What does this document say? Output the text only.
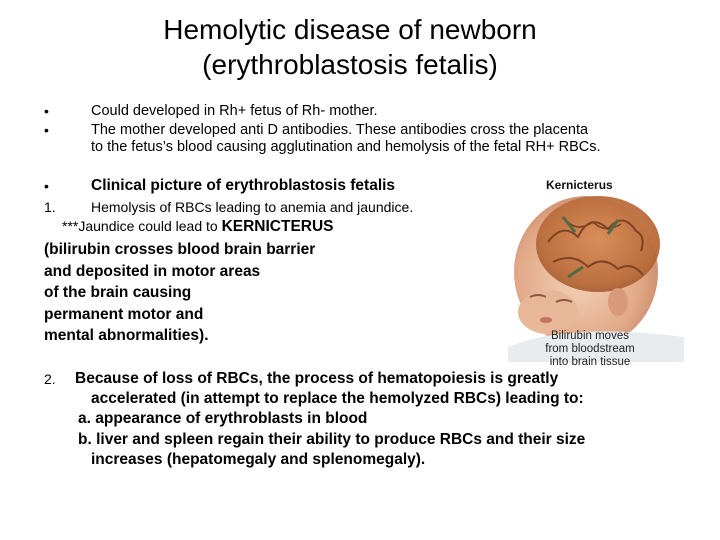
Hemolytic disease of newborn
(erythroblastosis fetalis)
•	Could developed in Rh+ fetus of Rh- mother.
•	The mother developed anti D antibodies. These antibodies cross the placenta
to the fetus’s blood causing agglutination and hemolysis of the fetal RH+ RBCs.
•	Clinical picture of erythroblastosis fetalis
1.	Hemolysis of RBCs leading to anemia and jaundice.
***Jaundice could lead to KERNICTERUS
(bilirubin crosses blood brain barrier
and deposited in motor areas
of the brain causing
permanent motor and
mental abnormalities).
Kernicterus
Bilirubin moves
from bloodstream
into brain tissue
2. Because of loss of RBCs, the process of hematopoiesis is greatly
accelerated (in attempt to replace the hemolyzed RBCs) leading to:
a. appearance of erythroblasts in blood
b. liver and spleen regain their ability to produce RBCs and their size
increases (hepatomegaly and splenomegaly).
